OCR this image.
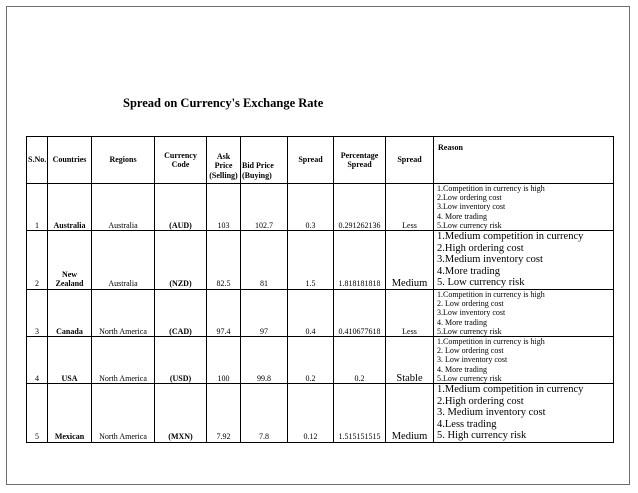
Spread on Currency's Exchange Rate
S.No.	Countries	Regions	Currency Code	Ask Price (Selling)	Bid Price (Buying)	Spread	Percentage Spread	Spread	Reason
1	Australia	Australia	(AUD)	103	102.7	0.3	0.291262136	Less	1.Competition in currency is high
2.Low ordering cost
3.Low inventory cost
4. More trading
5.Low currency risk

2	New Zealand	Australia	(NZD)	82.5	81	1.5	1.818181818	Medium	1.Medium competition in currency
2.High ordering cost
3.Medium inventory cost
4.More trading
5. Low currency risk

3	Canada	North America	(CAD)	97.4	97	0.4	0.410677618	Less	1.Competition in currency is high
2. Low ordering cost
3.Low inventory cost
4. More trading
5.Low currency risk

4	USA	North America	(USD)	100	99.8	0.2	0.2	Stable	1.Competition in currency is high
2. Low ordering cost
3. Low inventory cost
4. More trading
5.Low currency risk

5	Mexican	North America	(MXN)	7.92	7.8	0.12	1.515151515	Medium	1.Medium competition in currency
2.High ordering cost
3. Medium inventory cost
4.Less trading
5. High currency risk
